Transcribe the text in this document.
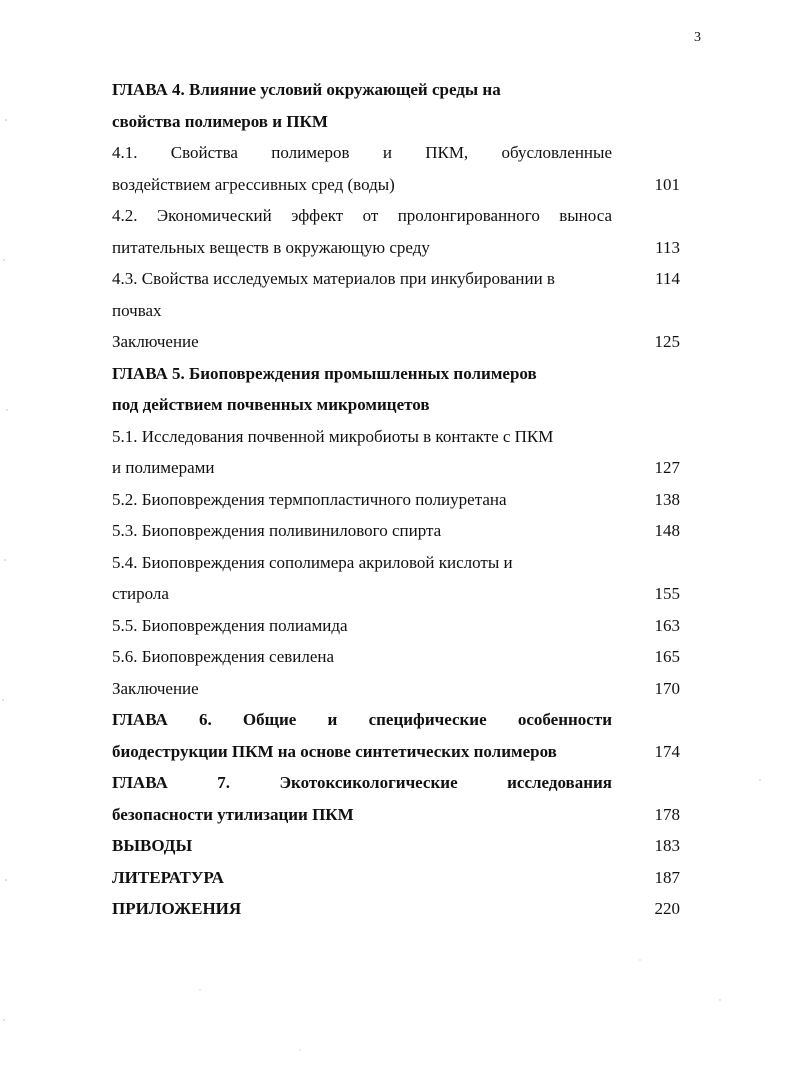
3
ГЛАВА 4. Влияние условий окружающей среды на
свойства полимеров и ПКМ
4.1. Свойства полимеров и ПКМ, обусловленные
воздействием агрессивных сред (воды)	101
4.2. Экономический эффект от пролонгированного выноса
питательных веществ в окружающую среду	113
4.3. Свойства исследуемых материалов при инкубировании в	114
почвах
Заключение	125
ГЛАВА 5. Биоповреждения промышленных полимеров
под действием почвенных микромицетов
5.1. Исследования почвенной микробиоты в контакте с ПКМ
и полимерами	127
5.2. Биоповреждения термпопластичного полиуретана	138
5.3. Биоповреждения поливинилового спирта	148
5.4. Биоповреждения сополимера акриловой кислоты и
стирола	155
5.5. Биоповреждения полиамида	163
5.6. Биоповреждения севилена	165
Заключение	170
ГЛАВА 6. Общие и специфические особенности
биодеструкции ПКМ на основе синтетических полимеров	174
ГЛАВА 7. Экотоксикологические исследования
безопасности утилизации ПКМ	178
ВЫВОДЫ	183
ЛИТЕРАТУРА	187
ПРИЛОЖЕНИЯ	220
